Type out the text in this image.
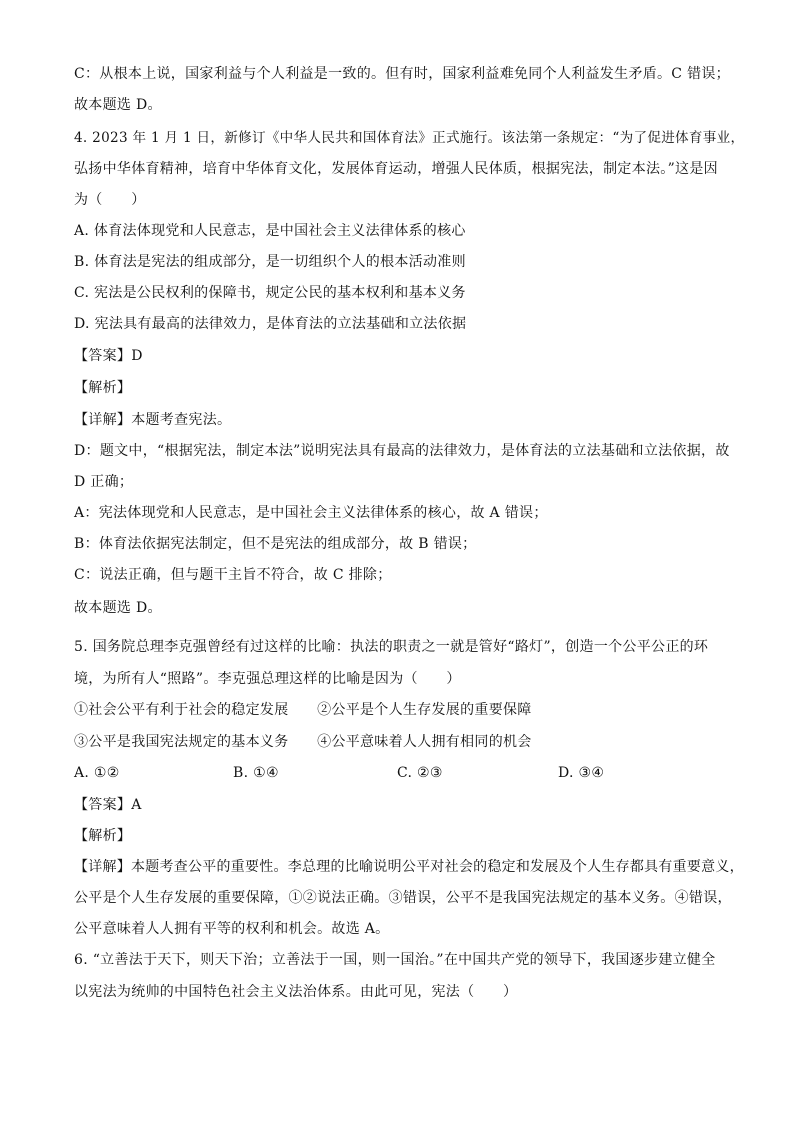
C：从根本上说，国家利益与个人利益是一致的。但有时，国家利益难免同个人利益发生矛盾。C 错误；
故本题选 D。
4. 2023 年 1 月 1 日，新修订《中华人民共和国体育法》正式施行。该法第一条规定：“为了促进体育事业，
弘扬中华体育精神，培育中华体育文化，发展体育运动，增强人民体质，根据宪法，制定本法。”这是因
为（　　）
A. 体育法体现党和人民意志，是中国社会主义法律体系的核心
B. 体育法是宪法的组成部分，是一切组织个人的根本活动准则
C. 宪法是公民权利的保障书，规定公民的基本权利和基本义务
D. 宪法具有最高的法律效力，是体育法的立法基础和立法依据
【答案】D
【解析】
【详解】本题考查宪法。
D：题文中，“根据宪法，制定本法”说明宪法具有最高的法律效力，是体育法的立法基础和立法依据，故
D 正确；
A：宪法体现党和人民意志，是中国社会主义法律体系的核心，故 A 错误；
B：体育法依据宪法制定，但不是宪法的组成部分，故 B 错误；
C：说法正确，但与题干主旨不符合，故 C 排除；
故本题选 D。
5. 国务院总理李克强曾经有过这样的比喻：执法的职责之一就是管好“路灯”，创造一个公平公正的环
境，为所有人“照路”。李克强总理这样的比喻是因为（　　）
①社会公平有利于社会的稳定发展　　②公平是个人生存发展的重要保障
③公平是我国宪法规定的基本义务　　④公平意味着人人拥有相同的机会
A. ①②	B. ①④	C. ②③	D. ③④
【答案】A
【解析】
【详解】本题考查公平的重要性。李总理的比喻说明公平对社会的稳定和发展及个人生存都具有重要意义，
公平是个人生存发展的重要保障，①②说法正确。③错误，公平不是我国宪法规定的基本义务。④错误，
公平意味着人人拥有平等的权利和机会。故选 A。
6. “立善法于天下，则天下治；立善法于一国，则一国治。”在中国共产党的领导下，我国逐步建立健全
以宪法为统帅的中国特色社会主义法治体系。由此可见，宪法（　　）
